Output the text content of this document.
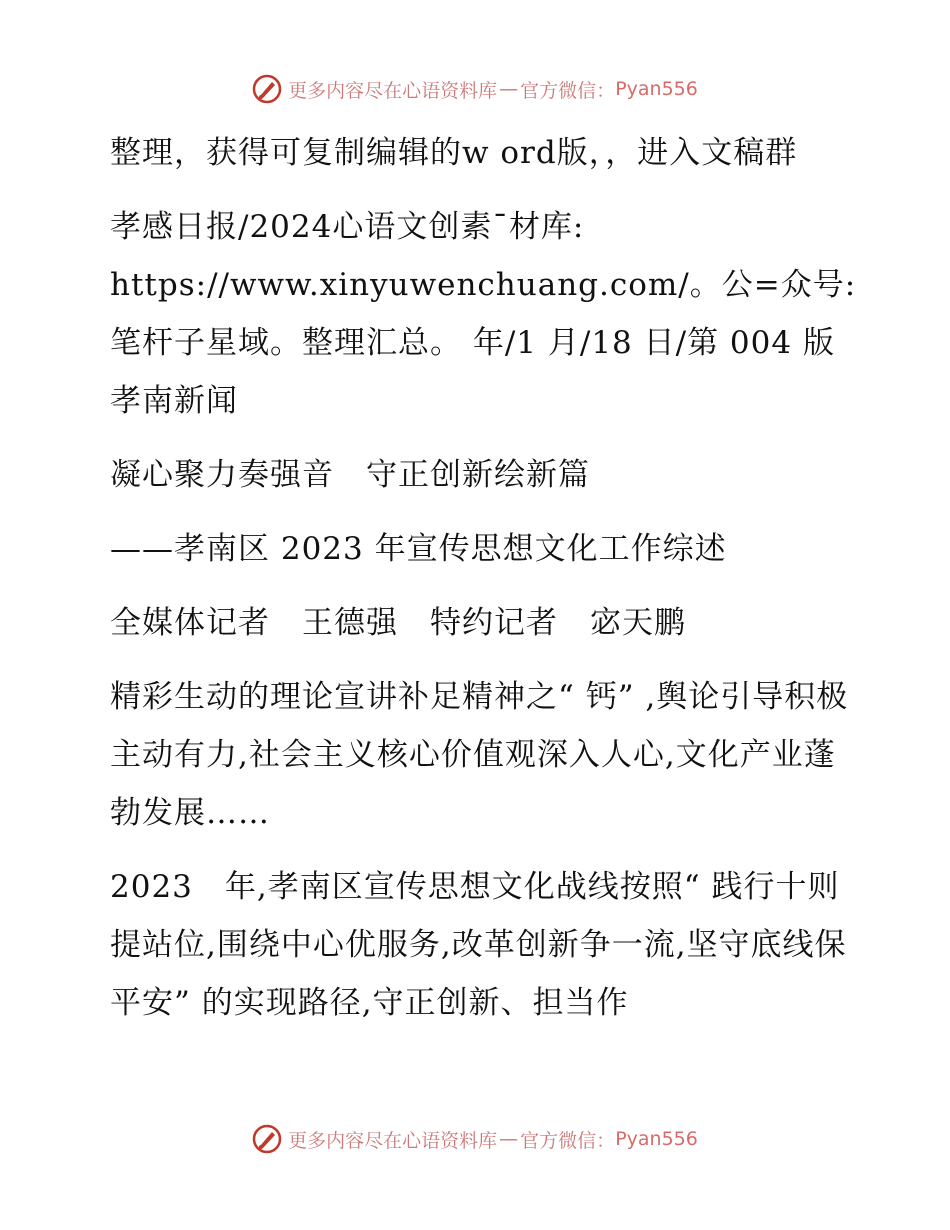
更多内容尽在心语资料库 — 官方微信： Pyan556

整理，获得可复制编辑的w ord版，，进入文稿群

孝感日报/2024心语文创素¯材库: https://www.xinyuwenchuang.com/。公=众号: 笔杆子星域。整理汇总。 年/1 月/18 日/第 004 版孝南新闻

凝心聚力奏强音　守正创新绘新篇

——孝南区 2023 年宣传思想文化工作综述

全媒体记者　王德强　特约记者　宓天鹏

精彩生动的理论宣讲补足精神之“ 钙” ,舆论引导积极主动有力,社会主义核心价值观深入人心,文化产业蓬勃发展……

2023　年,孝南区宣传思想文化战线按照“ 践行十则提站位,围绕中心优服务,改革创新争一流,坚守底线保平安” 的实现路径,守正创新、担当作

更多内容尽在心语资料库 — 官方微信： Pyan556
